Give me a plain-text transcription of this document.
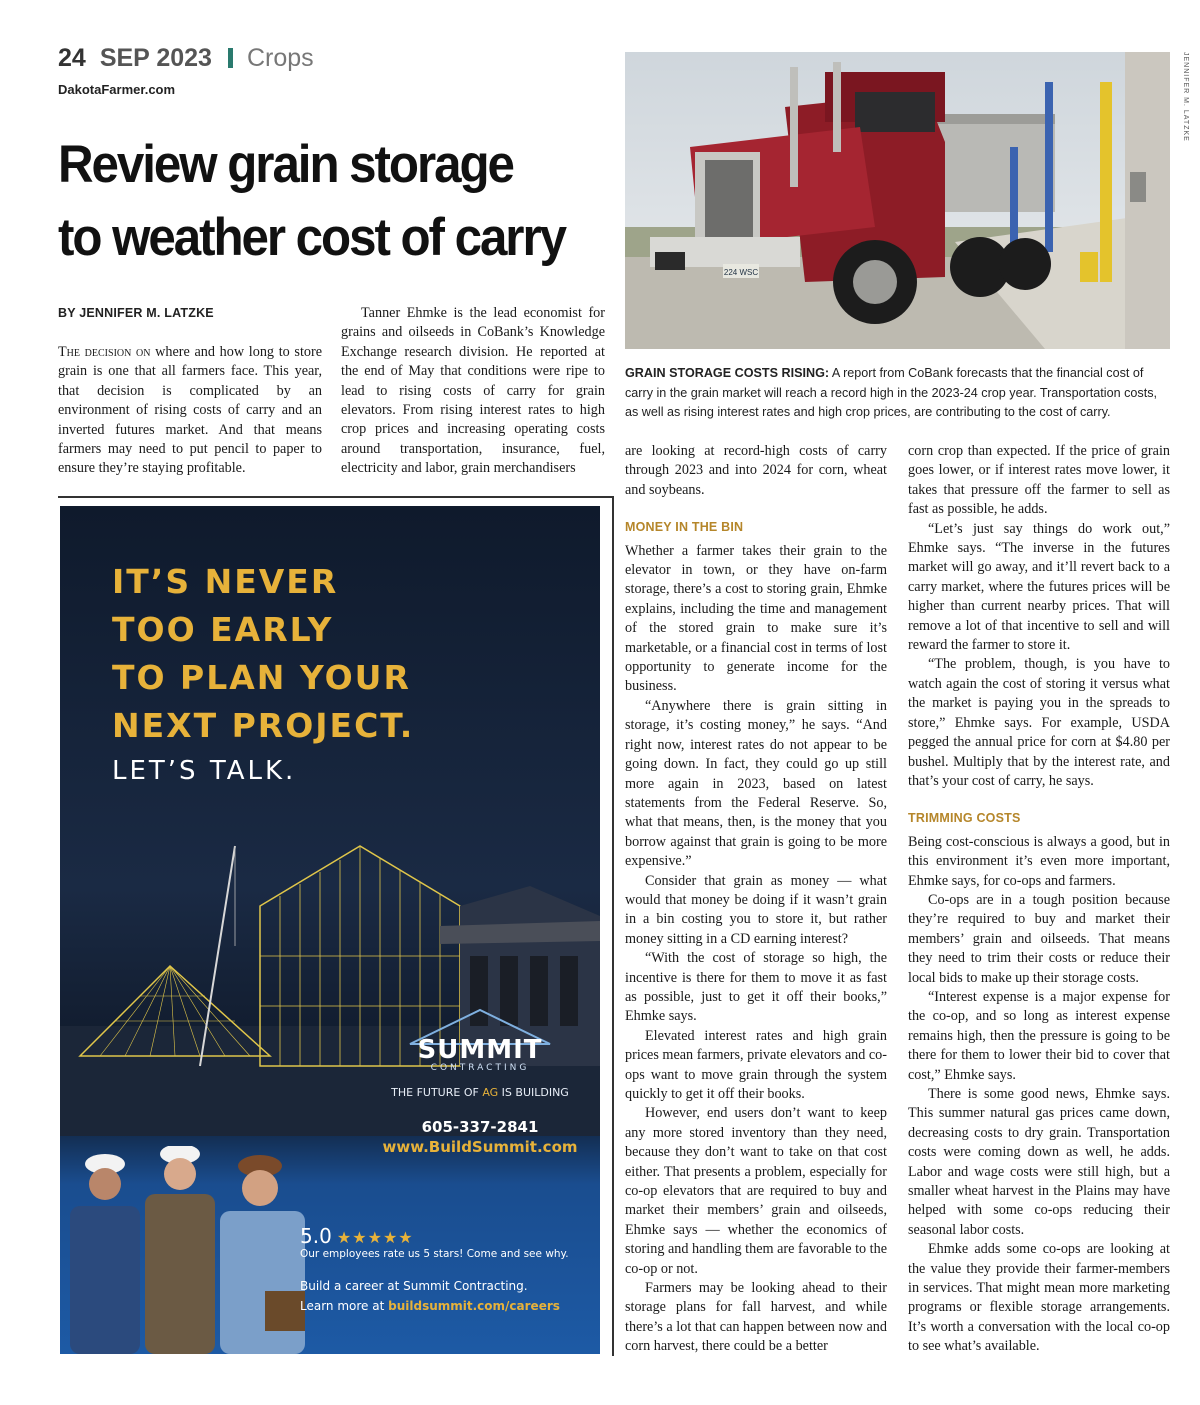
24 SEP 2023 Crops
DakotaFarmer.com
Review grain storage
to weather cost of carry
BY JENNIFER M. LATZKE

The decision on where and how long to store grain is one that all farmers face. This year, that decision is complicated by an environment of rising costs of carry and an inverted futures market. And that means farmers may need to put pencil to paper to ensure they’re staying profitable.

Tanner Ehmke is the lead economist for grains and oilseeds in CoBank’s Knowledge Exchange research division. He reported at the end of May that conditions were ripe to lead to rising costs of carry for grain elevators. From rising interest rates to high crop prices and increasing operating costs around transportation, insurance, fuel, electricity and labor, grain merchandisers

224 WSC
JENNIFER M. LATZKE
GRAIN STORAGE COSTS RISING: A report from CoBank forecasts that the financial cost of carry in the grain market will reach a record high in the 2023-24 crop year. Transportation costs, as well as rising interest rates and high crop prices, are contributing to the cost of carry.

are looking at record-high costs of carry through 2023 and into 2024 for corn, wheat and soybeans.

MONEY IN THE BIN

Whether a farmer takes their grain to the elevator in town, or they have on-farm storage, there’s a cost to storing grain, Ehmke explains, including the time and management of the stored grain to make sure it’s marketable, or a financial cost in terms of lost opportunity to generate income for the business.

“Anywhere there is grain sitting in storage, it’s costing money,” he says. “And right now, interest rates do not appear to be going down. In fact, they could go up still more again in 2023, based on latest statements from the Federal Reserve. So, what that means, then, is the money that you borrow against that grain is going to be more expensive.”

Consider that grain as money — what would that money be doing if it wasn’t grain in a bin costing you to store it, but rather money sitting in a CD earning interest?

“With the cost of storage so high, the incentive is there for them to move it as fast as possible, just to get it off their books,” Ehmke says.

Elevated interest rates and high grain prices mean farmers, private elevators and co-ops want to move grain through the system quickly to get it off their books.

However, end users don’t want to keep any more stored inventory than they need, because they don’t want to take on that cost either. That presents a problem, especially for co-op elevators that are required to buy and market their members’ grain and oilseeds, Ehmke says — whether the economics of storing and handling them are favorable to the co-op or not.

Farmers may be looking ahead to their storage plans for fall harvest, and while there’s a lot that can happen between now and corn harvest, there could be a better

corn crop than expected. If the price of grain goes lower, or if interest rates move lower, it takes that pressure off the farmer to sell as fast as possible, he adds.

“Let’s just say things do work out,” Ehmke says. “The inverse in the futures market will go away, and it’ll revert back to a carry market, where the futures prices will be higher than current nearby prices. That will remove a lot of that incentive to sell and will reward the farmer to store it.

“The problem, though, is you have to watch again the cost of storing it versus what the market is paying you in the spreads to store,” Ehmke says. For example, USDA pegged the annual price for corn at $4.80 per bushel. Multiply that by the interest rate, and that’s your cost of carry, he says.

TRIMMING COSTS

Being cost-conscious is always a good, but in this environment it’s even more important, Ehmke says, for co-ops and farmers.

Co-ops are in a tough position because they’re required to buy and market their members’ grain and oilseeds. That means they need to trim their costs or reduce their local bids to make up their storage costs.

“Interest expense is a major expense for the co-op, and so long as interest expense remains high, then the pressure is going to be there for them to lower their bid to cover that cost,” Ehmke says.

There is some good news, Ehmke says. This summer natural gas prices came down, decreasing costs to dry grain. Transportation costs were coming down as well, he adds. Labor and wage costs were still high, but a smaller wheat harvest in the Plains may have helped with some co-ops reducing their seasonal labor costs.

Ehmke adds some co-ops are looking at the value they provide their farmer-members in services. That might mean more marketing programs or flexible storage arrangements. It’s worth a conversation with the local co-op to see what’s available.

IT’S NEVER
TOO EARLY
TO PLAN YOUR
NEXT PROJECT.
LET’S TALK.
SUMMIT
CONTRACTING
THE FUTURE OF AG IS BUILDING
605-337-2841
www.BuildSummit.com
5.0 ★★★★★
Our employees rate us 5 stars! Come and see why.
Build a career at Summit Contracting.
Learn more at buildsummit.com/careers
